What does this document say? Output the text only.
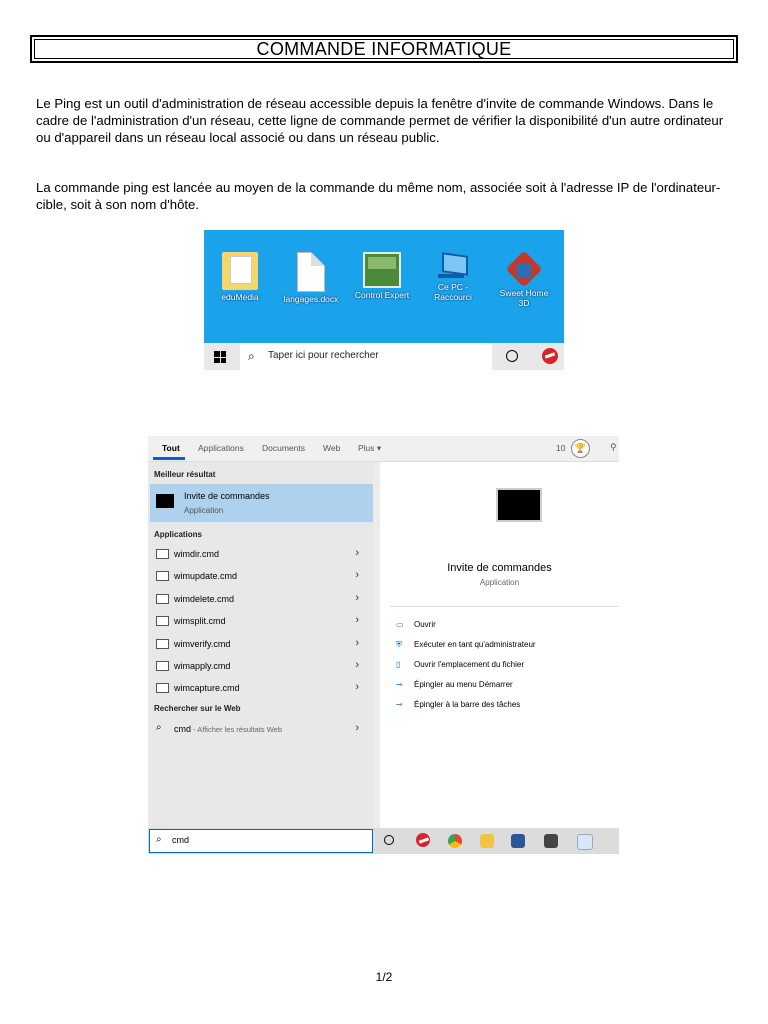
COMMANDE INFORMATIQUE
Le Ping est un outil d'administration de réseau accessible depuis la fenêtre d'invite de commande Windows. Dans le cadre de l'administration d'un réseau, cette ligne de commande permet de vérifier la disponibilité d'un autre ordinateur ou d'appareil dans un réseau local associé ou dans un réseau public.
La commande ping est lancée au moyen de la commande du même nom, associée soit à l'adresse IP de l'ordinateur-cible, soit à son nom d'hôte.
eduMedia	langages.docx	Control Expert
Ce PC - Raccourci	Sweet Home 3D
⌕ Taper ici pour rechercher
Tout Applications Documents Web Plus ▾	10	🏆	⚲
Meilleur résultat
Invite de commandes
Application
Applications
wimdir.cmd	›
wimupdate.cmd	›
wimdelete.cmd	›
wimsplit.cmd	›
wimverify.cmd	›
wimapply.cmd	›
wimcapture.cmd	›
Rechercher sur le Web
⌕ cmd - Afficher les résultats Web	›
Invite de commandes
Application
▭ Ouvrir
⛨	Exécuter en tant qu'administrateur
▯	Ouvrir l'emplacement du fichier
⊸ Épingler au menu Démarrer
⊸ Épingler à la barre des tâches
⌕ cmd
1/2
